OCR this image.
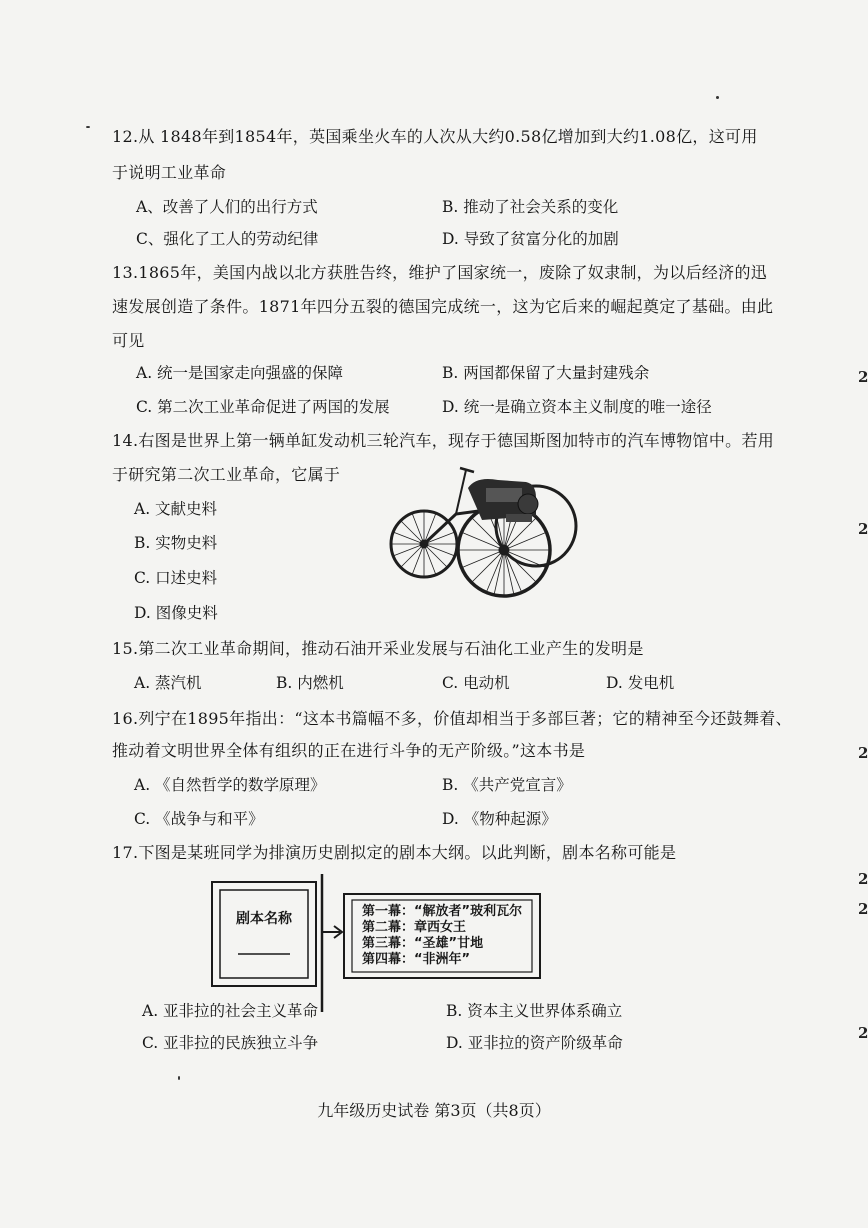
12.从 1848年到1854年，英国乘坐火车的人次从大约0.58亿增加到大约1.08亿，这可用
于说明工业革命
A、改善了人们的出行方式	B. 推动了社会关系的变化
C、强化了工人的劳动纪律	D. 导致了贫富分化的加剧
13.1865年，美国内战以北方获胜告终，维护了国家统一，废除了奴隶制，为以后经济的迅
速发展创造了条件。1871年四分五裂的德国完成统一，这为它后来的崛起奠定了基础。由此
可见
A. 统一是国家走向强盛的保障	B. 两国都保留了大量封建残余
C. 第二次工业革命促进了两国的发展	D. 统一是确立资本主义制度的唯一途径
14.右图是世界上第一辆单缸发动机三轮汽车，现存于德国斯图加特市的汽车博物馆中。若用
于研究第二次工业革命，它属于
A. 文献史料
B. 实物史料
C. 口述史料
D. 图像史料
15.第二次工业革命期间，推动石油开采业发展与石油化工业产生的发明是
A. 蒸汽机	B. 内燃机	C. 电动机	D. 发电机
16.列宁在1895年指出：“这本书篇幅不多，价值却相当于多部巨著；它的精神至今还鼓舞着、
推动着文明世界全体有组织的正在进行斗争的无产阶级。”这本书是
A. 《自然哲学的数学原理》	B. 《共产党宣言》
C. 《战争与和平》	D. 《物种起源》
17.下图是某班同学为排演历史剧拟定的剧本大纲。以此判断，剧本名称可能是
剧本名称	第一幕：“解放者”玻利瓦尔
第二幕：章西女王
第三幕：“圣雄”甘地
第四幕：“非洲年”
A. 亚非拉的社会主义革命	B. 资本主义世界体系确立
C. 亚非拉的民族独立斗争	D. 亚非拉的资产阶级革命
2
2
2
2
2
2
九年级历史试卷 第3页（共8页）
